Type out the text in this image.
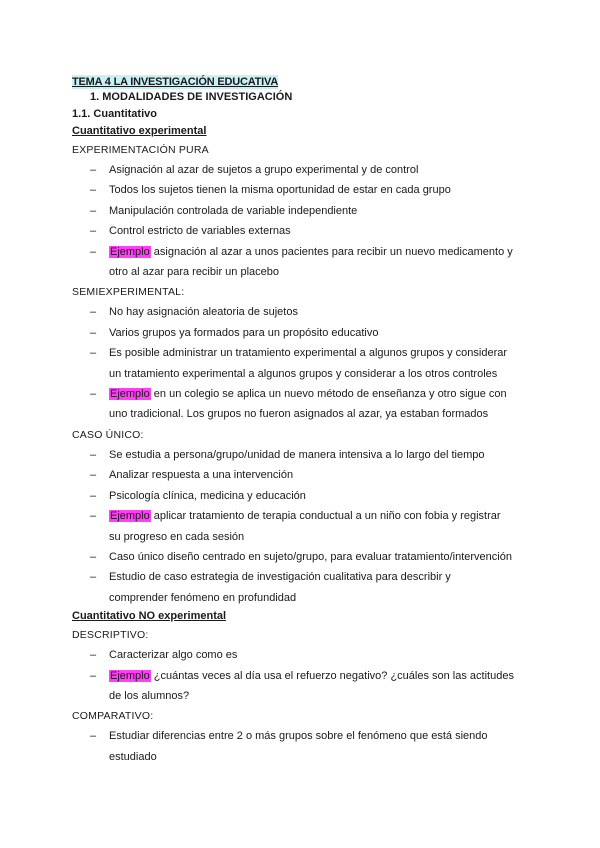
TEMA 4 LA INVESTIGACIÓN EDUCATIVA
1. MODALIDADES DE INVESTIGACIÓN
1.1. Cuantitativo
Cuantitativo experimental
EXPERIMENTACIÓN PURA
– Asignación al azar de sujetos a grupo experimental y de control
– Todos los sujetos tienen la misma oportunidad de estar en cada grupo
– Manipulación controlada de variable independiente
– Control estricto de variables externas
– Ejemplo asignación al azar a unos pacientes para recibir un nuevo medicamento y
otro al azar para recibir un placebo
SEMIEXPERIMENTAL:
– No hay asignación aleatoria de sujetos
– Varios grupos ya formados para un propósito educativo
– Es posible administrar un tratamiento experimental a algunos grupos y considerar
un tratamiento experimental a algunos grupos y considerar a los otros controles
– Ejemplo en un colegio se aplica un nuevo método de enseñanza y otro sigue con
uno tradicional. Los grupos no fueron asignados al azar, ya estaban formados
CASO ÚNICO:
– Se estudia a persona/grupo/unidad de manera intensiva a lo largo del tiempo
– Analizar respuesta a una intervención
– Psicología clínica, medicina y educación
– Ejemplo aplicar tratamiento de terapia conductual a un niño con fobia y registrar
su progreso en cada sesión
– Caso único diseño centrado en sujeto/grupo, para evaluar tratamiento/intervención
– Estudio de caso estrategia de investigación cualitativa para describir y
comprender fenómeno en profundidad
Cuantitativo NO experimental
DESCRIPTIVO:
– Caracterizar algo como es
– Ejemplo ¿cuántas veces al día usa el refuerzo negativo? ¿cuáles son las actitudes
de los alumnos?
COMPARATIVO:
– Estudiar diferencias entre 2 o más grupos sobre el fenómeno que está siendo
estudiado
